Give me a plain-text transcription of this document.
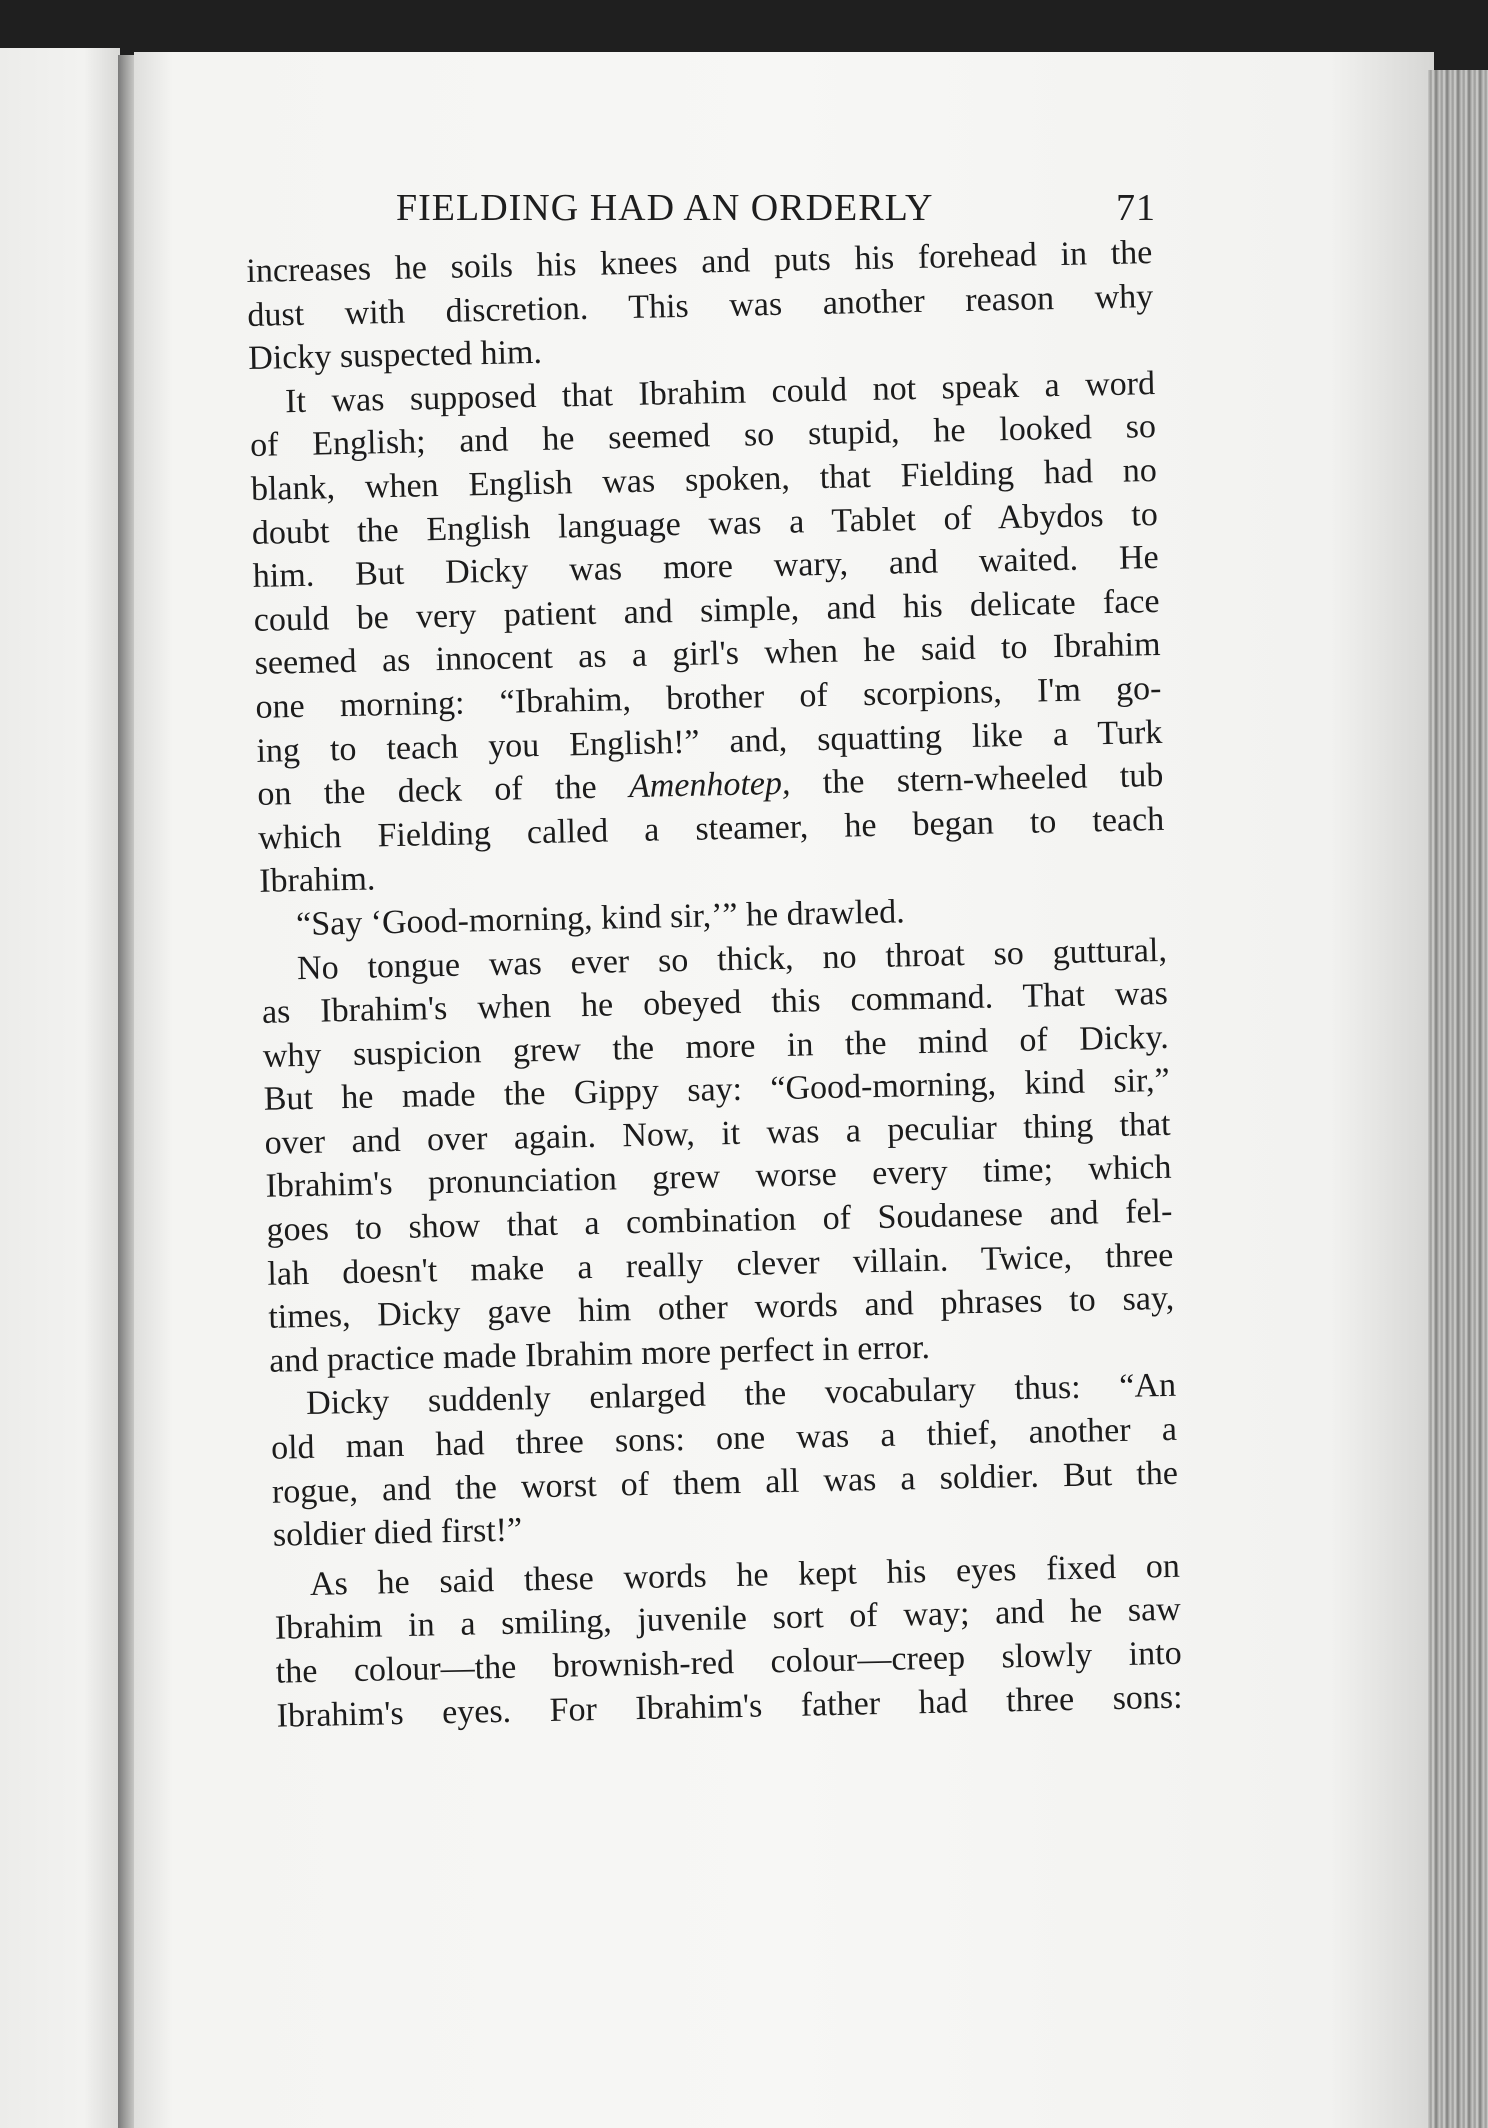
FIELDING HAD AN ORDERLY	71
increases he soils his knees and puts his forehead in the
dust with discretion. This was another reason why
Dicky suspected him.
It was supposed that Ibrahim could not speak a word
of English; and he seemed so stupid, he looked so
blank, when English was spoken, that Fielding had no
doubt the English language was a Tablet of Abydos to
him. But Dicky was more wary, and waited. He
could be very patient and simple, and his delicate face
seemed as innocent as a girl's when he said to Ibrahim
one morning: “Ibrahim, brother of scorpions, I'm go-
ing to teach you English!” and, squatting like a Turk
on the deck of the Amenhotep, the stern-wheeled tub
which Fielding called a steamer, he began to teach
Ibrahim.
“Say ‘Good-morning, kind sir,’” he drawled.
No tongue was ever so thick, no throat so guttural,
as Ibrahim's when he obeyed this command. That was
why suspicion grew the more in the mind of Dicky.
But he made the Gippy say: “Good-morning, kind sir,”
over and over again. Now, it was a peculiar thing that
Ibrahim's pronunciation grew worse every time; which
goes to show that a combination of Soudanese and fel-
lah doesn't make a really clever villain. Twice, three
times, Dicky gave him other words and phrases to say,
and practice made Ibrahim more perfect in error.
Dicky suddenly enlarged the vocabulary thus: “An
old man had three sons: one was a thief, another a
rogue, and the worst of them all was a soldier. But the
soldier died first!”
As he said these words he kept his eyes fixed on
Ibrahim in a smiling, juvenile sort of way; and he saw
the colour—the brownish-red colour—creep slowly into
Ibrahim's eyes. For Ibrahim's father had three sons:
